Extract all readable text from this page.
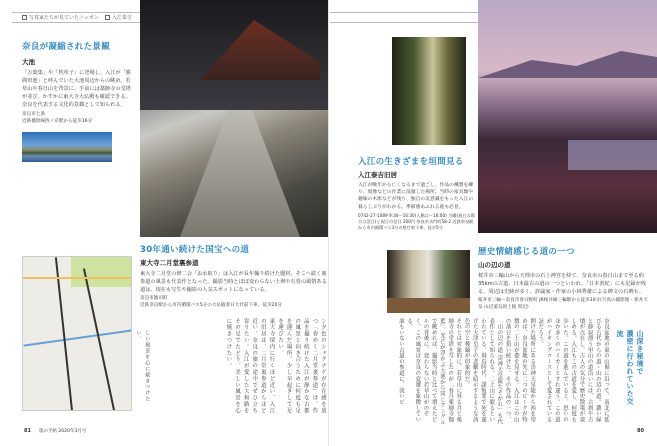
写真家たちが見ていたニッポン	入江泰吉
奈良が凝縮された景観
大池
「万葉集」や「枕草子」に登場し、入江が「勝間田池」と呼んでいた大池周辺からの眺め。若草山や春日山を背景に、手前には薬師寺の堂塔が並び、かすかに東大寺大仏殿も確認できる。奈良を代表する文化的景観として知られる。
奈良市七条
近鉄橿原線西ノ京駅から徒歩16分
30年通い続けた国宝への道
東大寺二月堂裏参道
東大寺二月堂の修二会「お水取り」は入江が長年撮り続けた題材。そこへ続く裏参道の風景も代表作となった。撮影当時とほぼ変わらない土塀や石畳の風情ある道は、現在も写生や撮影の人気スポットになっている。
奈良市雑司町
近鉄奈良駅から市内循環バス5分の大仏殿春日大社前下車、徒歩20分
しい風景を心に焼きつけたい。	ン夕色のシャクナゲが存在感を放つ「春めく二月堂裏参道」は、作品を撮り続けた入江が静かな古都の風景と向き合うために何度も足を運んだ場所。少し早起きして足を運びたい。
東大寺境内に行くほど近い、入江の旧居は、二月堂裏参道からほど近い。奈良の旅の途中でぜひ立ち寄りたい。入江が愛した大和路をその足でたどり、美しい風景を心に焼きつけたい。
81 旅の手帖 2020年3月号
入江の生きざまを垣間見る
入江泰吉旧居
入江が晩年から亡くなるまで過ごし、作品の構想を練り、現像などの作業に没頭した場所。当時の家具類や趣味の木彫などが残り、独自の美意識をもった入江の暮らしぶりがわかる。季節感あふれる庭も必見。
0742-27-1089 9:30～16:30(入館は～16:00) 月曜(祝日の場合は翌日)と祝日の翌日 200円 奈良市水門町58-2 近鉄奈良駅から市内循環バス3分の県庁東下車、徒歩5分
歴史情緒感じる道の一つ
山の辺の道
桜井市三輪山から天理市の石上神宮を経て、奈良市の春日山まで至る約35kmの古道。日本最古の道の一つといわれ、「日本書紀」にも記録が残る。周辺は史跡が多く、評論家・作家の小林秀雄による碑文の石碑も。
桜井市三輪～奈良市春日野町 JR桜井線三輪駅から徒歩10分(写真の撮影地・狭井天皇 山辺道勾岡上陵 周辺)
山深き秘境で
濃密に行われていた交流
奈良盆地の東の山裾に沿って、南北に延びる古代からの道・山の辺の道。濃い緑と静寂漂う里山の道沿いには、古刹や古墳が点在し、古人の気分で歴史散策が楽しめる。入江もこの古道を愛し、何度も歩いた。この道を進んでいると、思いのほか多くのハイカーとすれ違う。この道がハイキングコースとして愛されている証だろう。
開けた場所にある崇神天皇陵から西を望めば、奈良盆地の先に二つのピークが特徴の二上山が姿を見せる。入江はこの山の落日を狙い続けた。その作品の一つ、「山の辺の道 崇神天皇陵たそがれ」も代表作として知られる。二上山に眠るといわれている、飛鳥時代、謀叛罪で死を遂げた大津皇子の悲劇を暗示するような茜色の空と稜線が印象的だ。
それとは対象的に、若草山に昇る月と薬師寺の堂塔を写したのが「春月薬師寺伽藍」。光芒が浮かぶ大池から同じアングルで眺めれば、撮影当時と比べて増えたビルの背後に、変わらない若草山がのぞく。この風景は奈良の変遷を象徴している。
誰もいない古道の参道に、淡いピ
80
